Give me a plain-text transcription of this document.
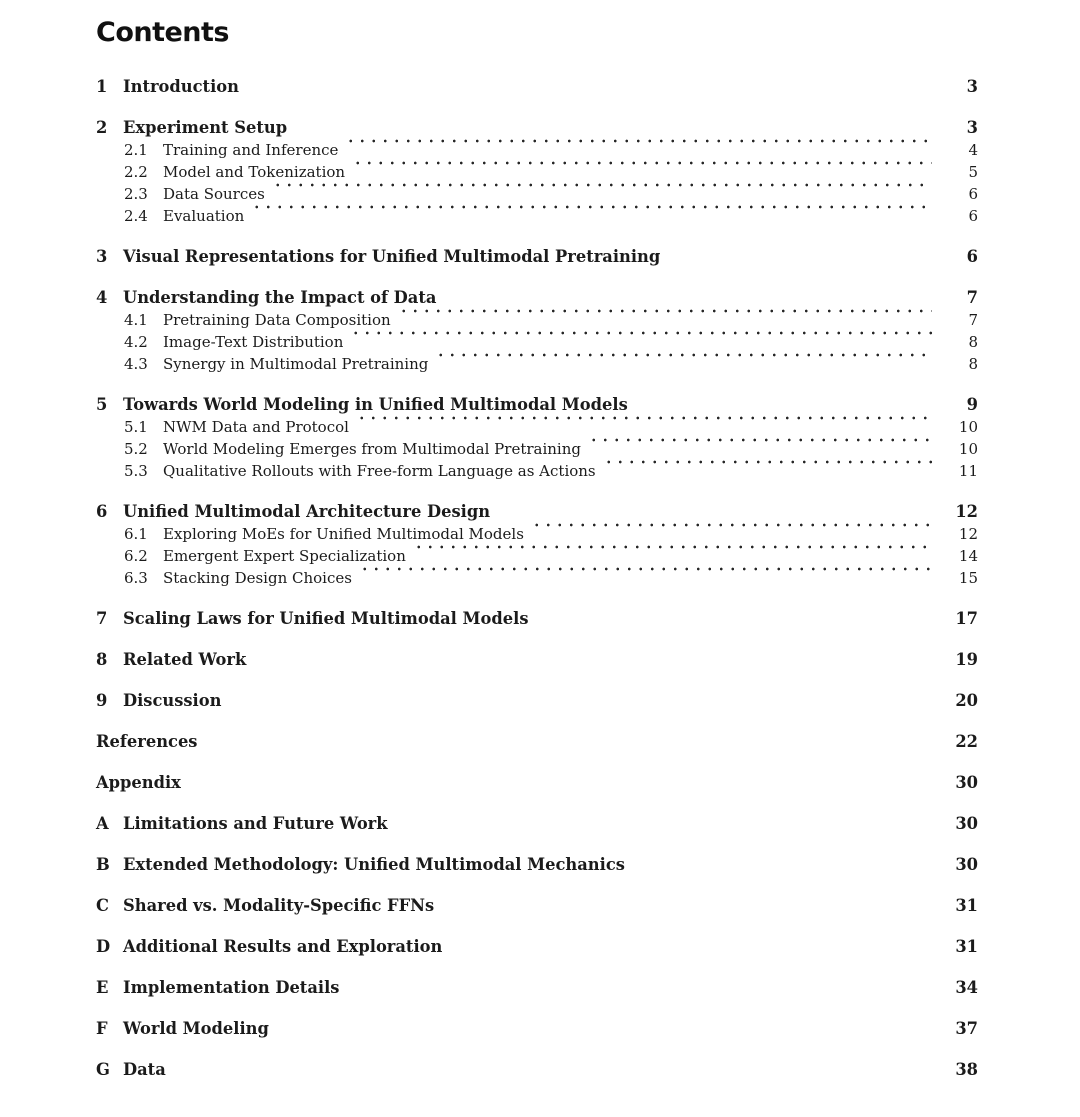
Contents
1 Introduction	3
2 Experiment Setup	3
2.1	Training and Inference	4
2.2	Model and Tokenization	5
2.3	Data Sources	6
2.4	Evaluation	6
3 Visual Representations for Unified Multimodal Pretraining	6
4 Understanding the Impact of Data	7
4.1	Pretraining Data Composition	7
4.2	Image-Text Distribution	8
4.3	Synergy in Multimodal Pretraining	8
5 Towards World Modeling in Unified Multimodal Models	9
5.1	NWM Data and Protocol	10
5.2	World Modeling Emerges from Multimodal Pretraining	10
5.3	Qualitative Rollouts with Free-form Language as Actions	11
6 Unified Multimodal Architecture Design	12
6.1	Exploring MoEs for Unified Multimodal Models	12
6.2	Emergent Expert Specialization	14
6.3	Stacking Design Choices	15
7 Scaling Laws for Unified Multimodal Models	17
8 Related Work	19
9 Discussion	20
References	22
Appendix	30
A Limitations and Future Work	30
B Extended Methodology: Unified Multimodal Mechanics	30
C Shared vs. Modality-Specific FFNs	31
D Additional Results and Exploration	31
E Implementation Details	34
F World Modeling	37
G Data	38
